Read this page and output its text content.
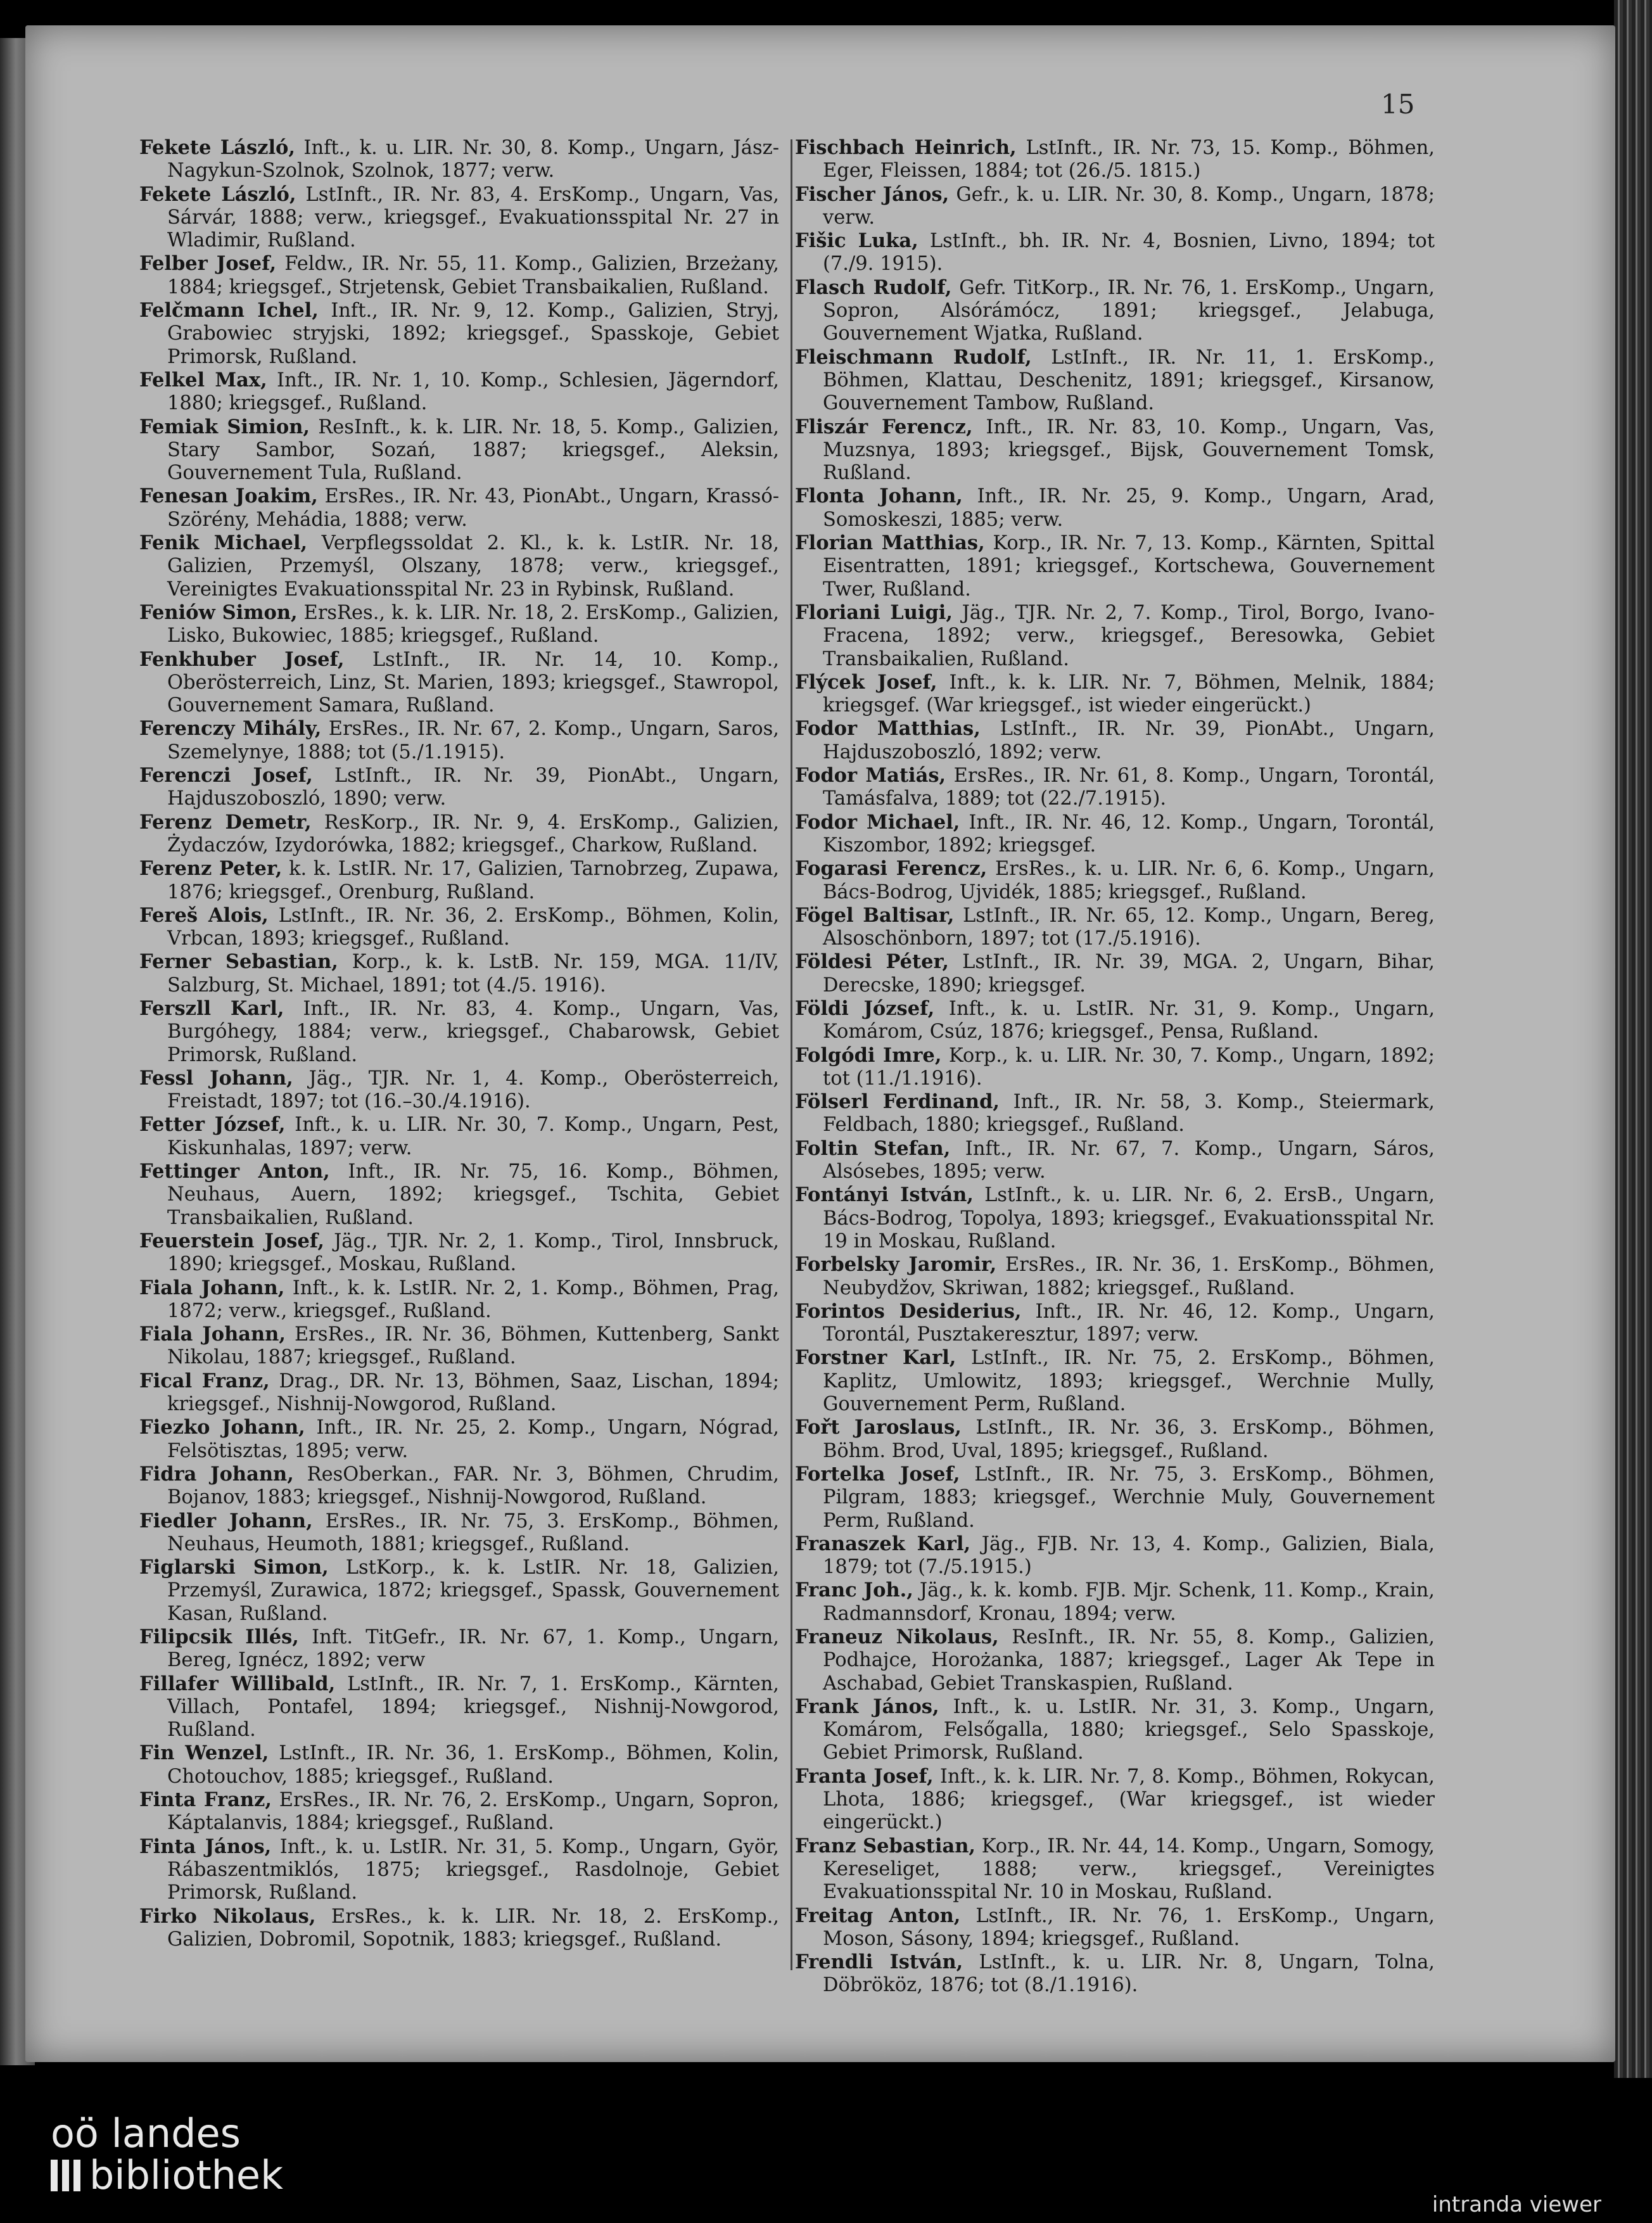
15

Fekete László, Inft., k. u. LIR. Nr. 30, 8. Komp., Ungarn, Jász-Nagykun-Szolnok, Szolnok, 1877; verw.

Fekete László, LstInft., IR. Nr. 83, 4. ErsKomp., Ungarn, Vas, Sárvár, 1888; verw., kriegsgef., Evakuationsspital Nr. 27 in Wladimir, Rußland.

Felber Josef, Feldw., IR. Nr. 55, 11. Komp., Galizien, Brzeżany, 1884; kriegsgef., Strjetensk, Gebiet Transbaikalien, Rußland.

Felčmann Ichel, Inft., IR. Nr. 9, 12. Komp., Galizien, Stryj, Grabowiec stryjski, 1892; kriegsgef., Spasskoje, Gebiet Primorsk, Rußland.

Felkel Max, Inft., IR. Nr. 1, 10. Komp., Schlesien, Jägerndorf, 1880; kriegsgef., Rußland.

Femiak Simion, ResInft., k. k. LIR. Nr. 18, 5. Komp., Galizien, Stary Sambor, Sozań, 1887; kriegsgef., Aleksin, Gouvernement Tula, Rußland.

Fenesan Joakim, ErsRes., IR. Nr. 43, PionAbt., Ungarn, Krassó-Szörény, Mehádia, 1888; verw.

Fenik Michael, Verpflegssoldat 2. Kl., k. k. LstIR. Nr. 18, Galizien, Przemyśl, Olszany, 1878; verw., kriegsgef., Vereinigtes Evakuationsspital Nr. 23 in Rybinsk, Rußland.

Feniów Simon, ErsRes., k. k. LIR. Nr. 18, 2. ErsKomp., Galizien, Lisko, Bukowiec, 1885; kriegsgef., Rußland.

Fenkhuber Josef, LstInft., IR. Nr. 14, 10. Komp., Oberösterreich, Linz, St. Marien, 1893; kriegsgef., Stawropol, Gouvernement Samara, Rußland.

Ferenczy Mihály, ErsRes., IR. Nr. 67, 2. Komp., Ungarn, Saros, Szemelynye, 1888; tot (5./1.1915).

Ferenczi Josef, LstInft., IR. Nr. 39, PionAbt., Ungarn, Hajduszoboszló, 1890; verw.

Ferenz Demetr, ResKorp., IR. Nr. 9, 4. ErsKomp., Galizien, Żydaczów, Izydorówka, 1882; kriegsgef., Charkow, Rußland.

Ferenz Peter, k. k. LstIR. Nr. 17, Galizien, Tarnobrzeg, Zupawa, 1876; kriegsgef., Orenburg, Rußland.

Fereš Alois, LstInft., IR. Nr. 36, 2. ErsKomp., Böhmen, Kolin, Vrbcan, 1893; kriegsgef., Rußland.

Ferner Sebastian, Korp., k. k. LstB. Nr. 159, MGA. 11/IV, Salzburg, St. Michael, 1891; tot (4./5. 1916).

Ferszll Karl, Inft., IR. Nr. 83, 4. Komp., Ungarn, Vas, Burgóhegy, 1884; verw., kriegsgef., Chabarowsk, Gebiet Primorsk, Rußland.

Fessl Johann, Jäg., TJR. Nr. 1, 4. Komp., Oberösterreich, Freistadt, 1897; tot (16.–30./4.1916).

Fetter József, Inft., k. u. LIR. Nr. 30, 7. Komp., Ungarn, Pest, Kiskunhalas, 1897; verw.

Fettinger Anton, Inft., IR. Nr. 75, 16. Komp., Böhmen, Neuhaus, Auern, 1892; kriegsgef., Tschita, Gebiet Transbaikalien, Rußland.

Feuerstein Josef, Jäg., TJR. Nr. 2, 1. Komp., Tirol, Innsbruck, 1890; kriegsgef., Moskau, Rußland.

Fiala Johann, Inft., k. k. LstIR. Nr. 2, 1. Komp., Böhmen, Prag, 1872; verw., kriegsgef., Rußland.

Fiala Johann, ErsRes., IR. Nr. 36, Böhmen, Kuttenberg, Sankt Nikolau, 1887; kriegsgef., Rußland.

Fical Franz, Drag., DR. Nr. 13, Böhmen, Saaz, Lischan, 1894; kriegsgef., Nishnij-Nowgorod, Rußland.

Fiezko Johann, Inft., IR. Nr. 25, 2. Komp., Ungarn, Nógrad, Felsötisztas, 1895; verw.

Fidra Johann, ResOberkan., FAR. Nr. 3, Böhmen, Chrudim, Bojanov, 1883; kriegsgef., Nishnij-Nowgorod, Rußland.

Fiedler Johann, ErsRes., IR. Nr. 75, 3. ErsKomp., Böhmen, Neuhaus, Heumoth, 1881; kriegsgef., Rußland.

Figlarski Simon, LstKorp., k. k. LstIR. Nr. 18, Galizien, Przemyśl, Zurawica, 1872; kriegsgef., Spassk, Gouvernement Kasan, Rußland.

Filipcsik Illés, Inft. TitGefr., IR. Nr. 67, 1. Komp., Ungarn, Bereg, Ignécz, 1892; verw

Fillafer Willibald, LstInft., IR. Nr. 7, 1. ErsKomp., Kärnten, Villach, Pontafel, 1894; kriegsgef., Nishnij-Nowgorod, Rußland.

Fin Wenzel, LstInft., IR. Nr. 36, 1. ErsKomp., Böhmen, Kolin, Chotouchov, 1885; kriegsgef., Rußland.

Finta Franz, ErsRes., IR. Nr. 76, 2. ErsKomp., Ungarn, Sopron, Káptalanvis, 1884; kriegsgef., Rußland.

Finta János, Inft., k. u. LstIR. Nr. 31, 5. Komp., Ungarn, Györ, Rábaszentmiklós, 1875; kriegsgef., Rasdolnoje, Gebiet Primorsk, Rußland.

Firko Nikolaus, ErsRes., k. k. LIR. Nr. 18, 2. ErsKomp., Galizien, Dobromil, Sopotnik, 1883; kriegsgef., Rußland.

Fischbach Heinrich, LstInft., IR. Nr. 73, 15. Komp., Böhmen, Eger, Fleissen, 1884; tot (26./5. 1815.)

Fischer János, Gefr., k. u. LIR. Nr. 30, 8. Komp., Ungarn, 1878; verw.

Fišic Luka, LstInft., bh. IR. Nr. 4, Bosnien, Livno, 1894; tot (7./9. 1915).

Flasch Rudolf, Gefr. TitKorp., IR. Nr. 76, 1. ErsKomp., Ungarn, Sopron, Alsórámócz, 1891; kriegsgef., Jelabuga, Gouvernement Wjatka, Rußland.

Fleischmann Rudolf, LstInft., IR. Nr. 11, 1. ErsKomp., Böhmen, Klattau, Deschenitz, 1891; kriegsgef., Kirsanow, Gouvernement Tambow, Rußland.

Fliszár Ferencz, Inft., IR. Nr. 83, 10. Komp., Ungarn, Vas, Muzsnya, 1893; kriegsgef., Bijsk, Gouvernement Tomsk, Rußland.

Flonta Johann, Inft., IR. Nr. 25, 9. Komp., Ungarn, Arad, Somoskeszi, 1885; verw.

Florian Matthias, Korp., IR. Nr. 7, 13. Komp., Kärnten, Spittal Eisentratten, 1891; kriegsgef., Kortschewa, Gouvernement Twer, Rußland.

Floriani Luigi, Jäg., TJR. Nr. 2, 7. Komp., Tirol, Borgo, Ivano-Fracena, 1892; verw., kriegsgef., Beresowka, Gebiet Transbaikalien, Rußland.

Flýcek Josef, Inft., k. k. LIR. Nr. 7, Böhmen, Melnik, 1884; kriegsgef. (War kriegsgef., ist wieder eingerückt.)

Fodor Matthias, LstInft., IR. Nr. 39, PionAbt., Ungarn, Hajduszoboszló, 1892; verw.

Fodor Matiás, ErsRes., IR. Nr. 61, 8. Komp., Ungarn, Torontál, Tamásfalva, 1889; tot (22./7.1915).

Fodor Michael, Inft., IR. Nr. 46, 12. Komp., Ungarn, Torontál, Kiszombor, 1892; kriegsgef.

Fogarasi Ferencz, ErsRes., k. u. LIR. Nr. 6, 6. Komp., Ungarn, Bács-Bodrog, Ujvidék, 1885; kriegsgef., Rußland.

Fögel Baltisar, LstInft., IR. Nr. 65, 12. Komp., Ungarn, Bereg, Alsoschönborn, 1897; tot (17./5.1916).

Földesi Péter, LstInft., IR. Nr. 39, MGA. 2, Ungarn, Bihar, Derecske, 1890; kriegsgef.

Földi József, Inft., k. u. LstIR. Nr. 31, 9. Komp., Ungarn, Komárom, Csúz, 1876; kriegsgef., Pensa, Rußland.

Folgódi Imre, Korp., k. u. LIR. Nr. 30, 7. Komp., Ungarn, 1892; tot (11./1.1916).

Fölserl Ferdinand, Inft., IR. Nr. 58, 3. Komp., Steiermark, Feldbach, 1880; kriegsgef., Rußland.

Foltin Stefan, Inft., IR. Nr. 67, 7. Komp., Ungarn, Sáros, Alsósebes, 1895; verw.

Fontányi István, LstInft., k. u. LIR. Nr. 6, 2. ErsB., Ungarn, Bács-Bodrog, Topolya, 1893; kriegsgef., Evakuationsspital Nr. 19 in Moskau, Rußland.

Forbelsky Jaromir, ErsRes., IR. Nr. 36, 1. ErsKomp., Böhmen, Neubydžov, Skriwan, 1882; kriegsgef., Rußland.

Forintos Desiderius, Inft., IR. Nr. 46, 12. Komp., Ungarn, Torontál, Pusztakeresztur, 1897; verw.

Forstner Karl, LstInft., IR. Nr. 75, 2. ErsKomp., Böhmen, Kaplitz, Umlowitz, 1893; kriegsgef., Werchnie Mully, Gouvernement Perm, Rußland.

Fořt Jaroslaus, LstInft., IR. Nr. 36, 3. ErsKomp., Böhmen, Böhm. Brod, Uval, 1895; kriegsgef., Rußland.

Fortelka Josef, LstInft., IR. Nr. 75, 3. ErsKomp., Böhmen, Pilgram, 1883; kriegsgef., Werchnie Muly, Gouvernement Perm, Rußland.

Franaszek Karl, Jäg., FJB. Nr. 13, 4. Komp., Galizien, Biala, 1879; tot (7./5.1915.)

Franc Joh., Jäg., k. k. komb. FJB. Mjr. Schenk, 11. Komp., Krain, Radmannsdorf, Kronau, 1894; verw.

Franeuz Nikolaus, ResInft., IR. Nr. 55, 8. Komp., Galizien, Podhajce, Horożanka, 1887; kriegsgef., Lager Ak Tepe in Aschabad, Gebiet Transkaspien, Rußland.

Frank János, Inft., k. u. LstIR. Nr. 31, 3. Komp., Ungarn, Komárom, Felsőgalla, 1880; kriegsgef., Selo Spasskoje, Gebiet Primorsk, Rußland.

Franta Josef, Inft., k. k. LIR. Nr. 7, 8. Komp., Böhmen, Rokycan, Lhota, 1886; kriegsgef., (War kriegsgef., ist wieder eingerückt.)

Franz Sebastian, Korp., IR. Nr. 44, 14. Komp., Ungarn, Somogy, Kereseliget, 1888; verw., kriegsgef., Vereinigtes Evakuationsspital Nr. 10 in Moskau, Rußland.

Freitag Anton, LstInft., IR. Nr. 76, 1. ErsKomp., Ungarn, Moson, Sásony, 1894; kriegsgef., Rußland.

Frendli István, LstInft., k. u. LIR. Nr. 8, Ungarn, Tolna, Döbrököz, 1876; tot (8./1.1916).

oö landes
bibliothek
intranda viewer
